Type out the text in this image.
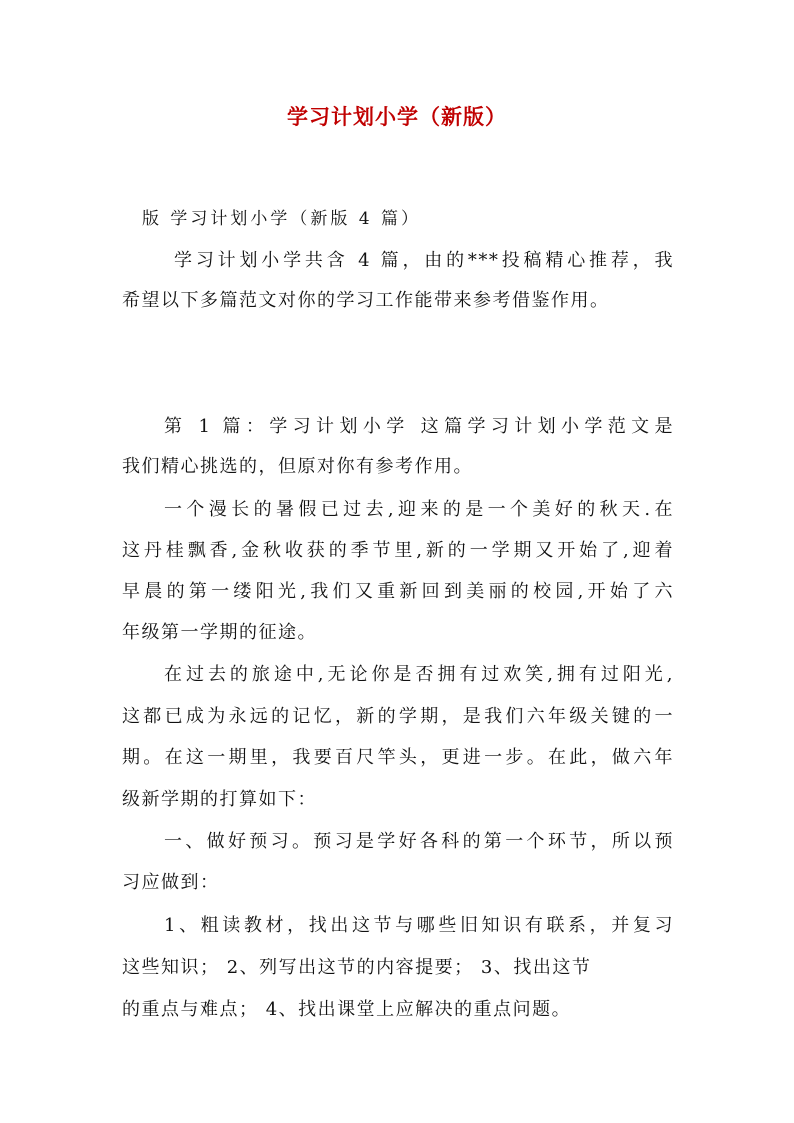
学习计划小学（新版）
版 学习计划小学（新版 4 篇）
学习计划小学共含 4 篇，由的***投稿精心推荐，我
希望以下多篇范文对你的学习工作能带来参考借鉴作用。
第 1 篇：学习计划小学 这篇学习计划小学范文是
我们精心挑选的，但原对你有参考作用。
一个漫长的暑假已过去,迎来的是一个美好的秋天.在
这丹桂飘香,金秋收获的季节里,新的一学期又开始了,迎着
早晨的第一缕阳光,我们又重新回到美丽的校园,开始了六
年级第一学期的征途。
在过去的旅途中,无论你是否拥有过欢笑,拥有过阳光,
这都已成为永远的记忆，新的学期，是我们六年级关键的一
期。在这一期里，我要百尺竿头，更进一步。在此，做六年
级新学期的打算如下：
一、做好预习。预习是学好各科的第一个环节，所以预
习应做到：
1、粗读教材，找出这节与哪些旧知识有联系，并复习
这些知识； 2、列写出这节的内容提要； 3、找出这节
的重点与难点； 4、找出课堂上应解决的重点问题。
